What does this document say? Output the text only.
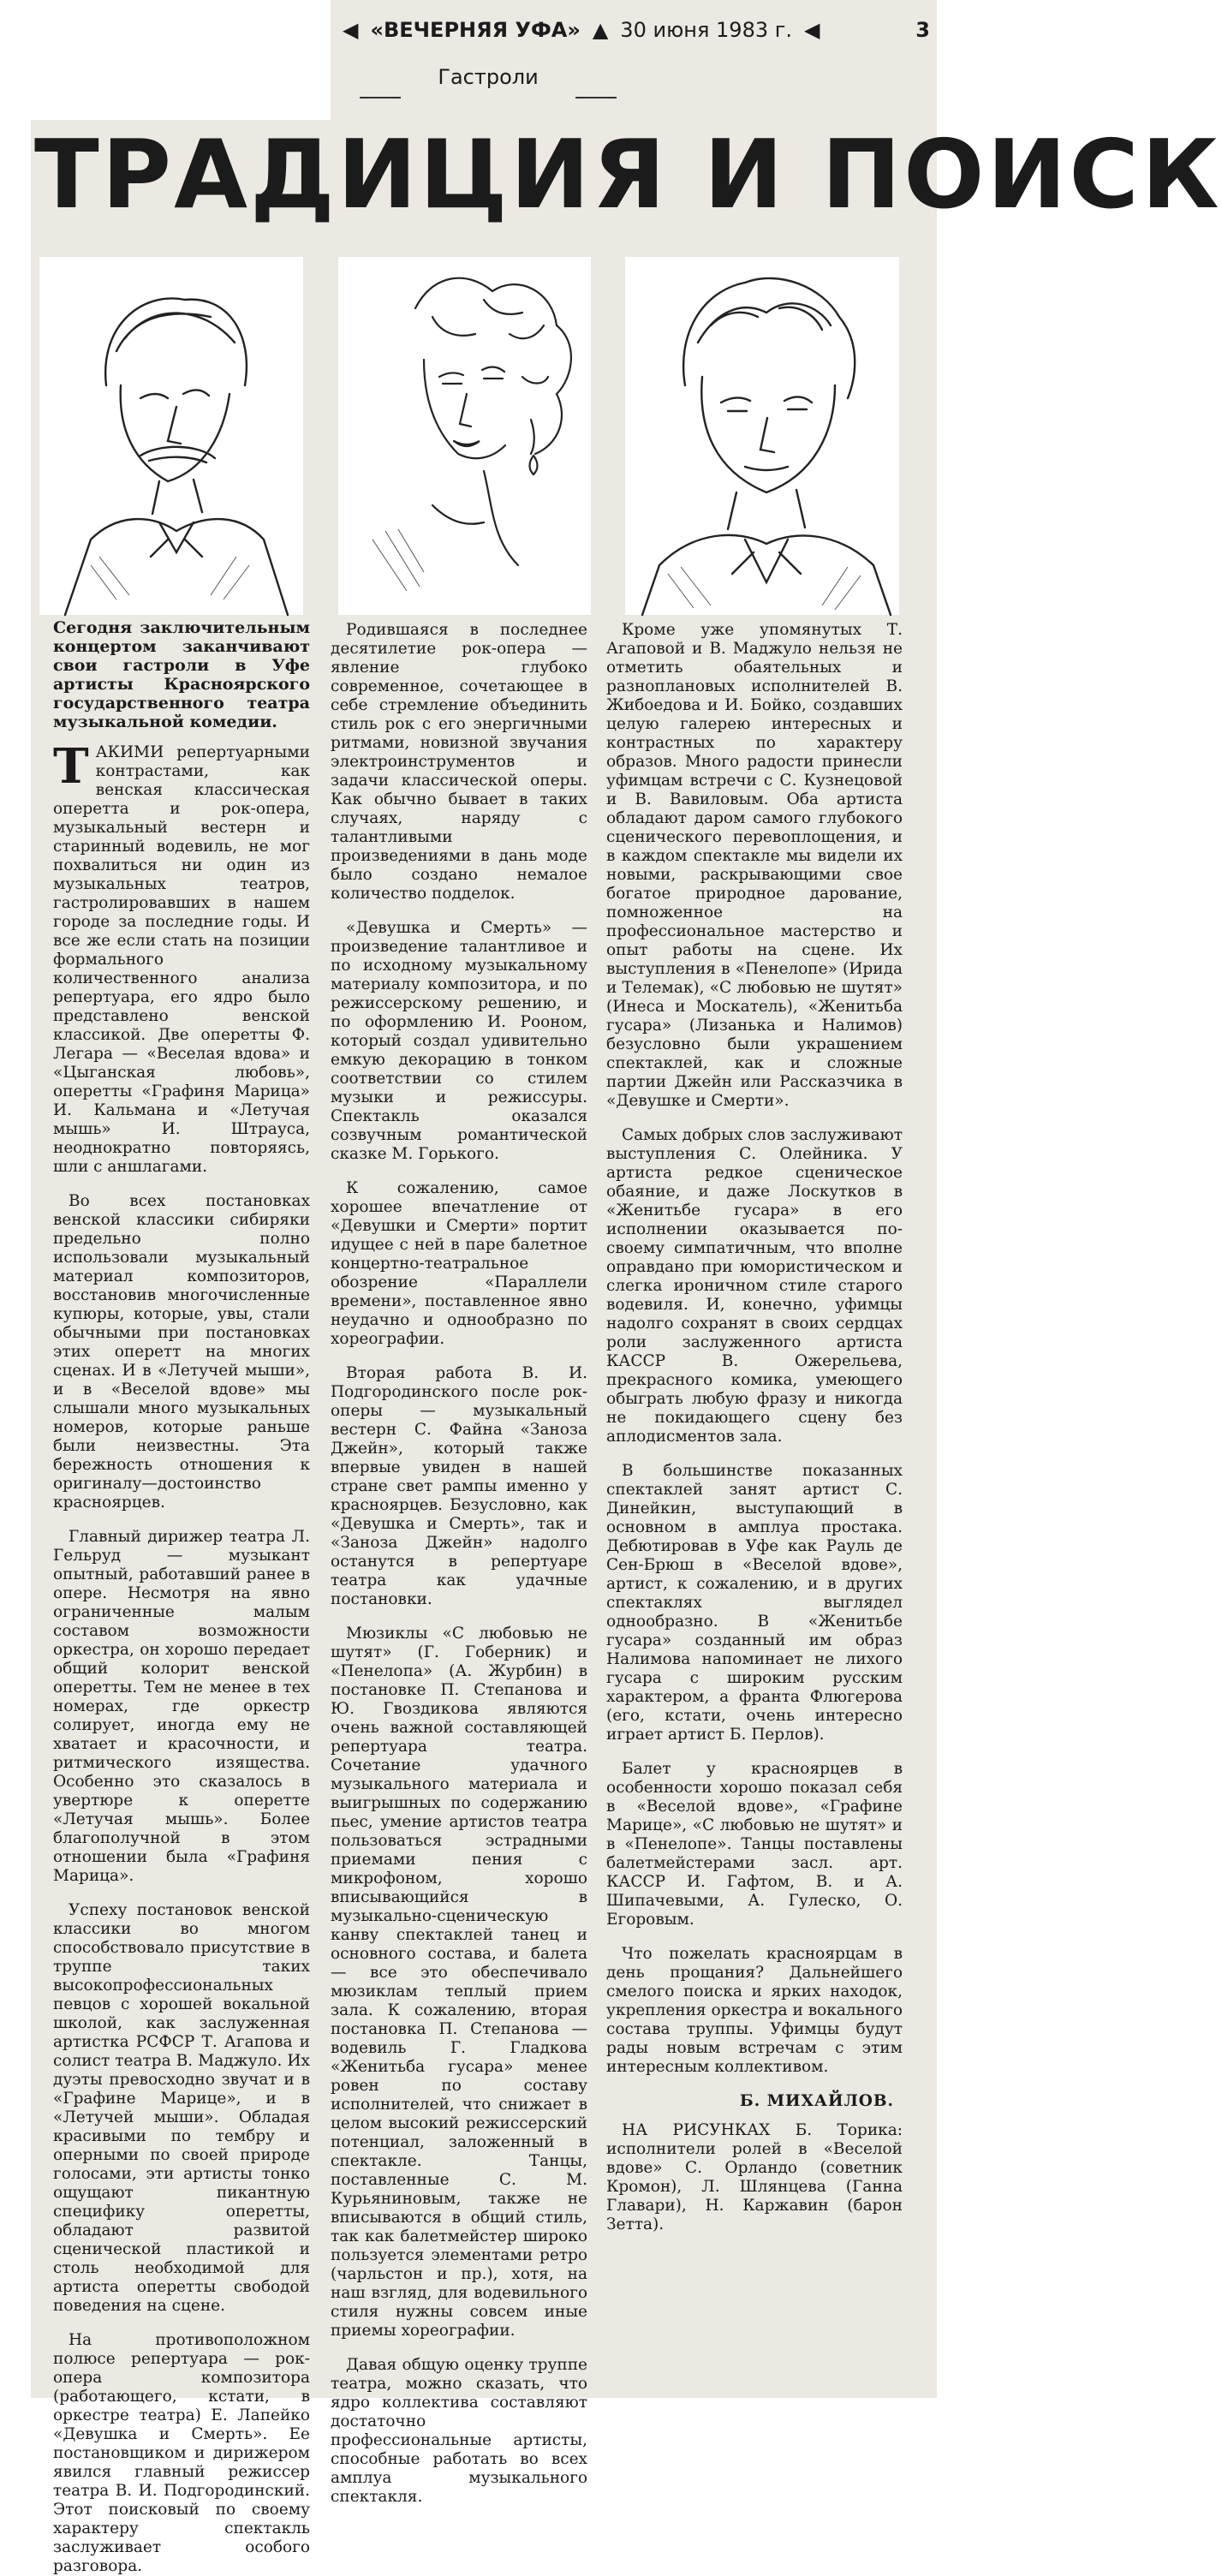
◀ «ВЕЧЕРНЯЯ УФА» ▲ 30 июня 1983 г. ◀	3
Гастроли
ТРАДИЦИЯ И ПОИСК

Сегодня заключительным концертом заканчивают свои гастроли в Уфе артисты Красноярского государственного театра музыкальной комедии.

ТАКИМИ репертуарными контрастами, как венская классическая оперетта и рок-опера, музыкальный вестерн и старинный водевиль, не мог похвалиться ни один из музыкальных театров, гастролировавших в нашем городе за последние годы. И все же если стать на позиции формального количественного анализа репертуара, его ядро было представлено венской классикой. Две оперетты Ф. Легара — «Веселая вдова» и «Цыганская любовь», оперетты «Графиня Марица» И. Кальмана и «Летучая мышь» И. Штрауса, неоднократно повторяясь, шли с аншлагами.

Во всех постановках венской классики сибиряки предельно полно использовали музыкальный материал композиторов, восстановив многочисленные купюры, которые, увы, стали обычными при постановках этих оперетт на многих сценах. И в «Летучей мыши», и в «Веселой вдове» мы слышали много музыкальных номеров, которые раньше были неизвестны. Эта бережность отношения к оригиналу—достоинство красноярцев.

Главный дирижер театра Л. Гельруд — музыкант опытный, работавший ранее в опере. Несмотря на явно ограниченные малым составом возможности оркестра, он хорошо передает общий колорит венской оперетты. Тем не менее в тех номерах, где оркестр солирует, иногда ему не хватает и красочности, и ритмического изящества. Особенно это сказалось в увертюре к оперетте «Летучая мышь». Более благополучной в этом отношении была «Графиня Марица».

Успеху постановок венской классики во многом способствовало присутствие в труппе таких высокопрофессиональных певцов с хорошей вокальной школой, как заслуженная артистка РСФСР Т. Агапова и солист театра В. Маджуло. Их дуэты превосходно звучат и в «Графине Марице», и в «Летучей мыши». Обладая красивыми по тембру и оперными по своей природе голосами, эти артисты тонко ощущают пикантную специфику оперетты, обладают развитой сценической пластикой и столь необходимой для артиста оперетты свободой поведения на сцене.

На противоположном полюсе репертуара — рок-опера композитора (работающего, кстати, в оркестре театра) Е. Лапейко «Девушка и Смерть». Ее постановщиком и дирижером явился главный режиссер театра В. И. Подгородинский. Этот поисковый по своему характеру спектакль заслуживает особого разговора.

Родившаяся в последнее десятилетие рок-опера — явление глубоко современное, сочетающее в себе стремление объединить стиль рок с его энергичными ритмами, новизной звучания электроинструментов и задачи классической оперы. Как обычно бывает в таких случаях, наряду с талантливыми произведениями в дань моде было создано немалое количество подделок.

«Девушка и Смерть» — произведение талантливое и по исходному музыкальному материалу композитора, и по режиссерскому решению, и по оформлению И. Рооном, который создал удивительно емкую декорацию в тонком соответствии со стилем музыки и режиссуры. Спектакль оказался созвучным романтической сказке М. Горького.

К сожалению, самое хорошее впечатление от «Девушки и Смерти» портит идущее с ней в паре балетное концертно-театральное обозрение «Параллели времени», поставленное явно неудачно и однообразно по хореографии.

Вторая работа В. И. Подгородинского после рок-оперы — музыкальный вестерн С. Файна «Заноза Джейн», который также впервые увиден в нашей стране свет рампы именно у красноярцев. Безусловно, как «Девушка и Смерть», так и «Заноза Джейн» надолго останутся в репертуаре театра как удачные постановки.

Мюзиклы «С любовью не шутят» (Г. Гоберник) и «Пенелопа» (А. Журбин) в постановке П. Степанова и Ю. Гвоздикова являются очень важной составляющей репертуара театра. Сочетание удачного музыкального материала и выигрышных по содержанию пьес, умение артистов театра пользоваться эстрадными приемами пения с микрофоном, хорошо вписывающийся в музыкально-сценическую канву спектаклей танец и основного состава, и балета — все это обеспечивало мюзиклам теплый прием зала. К сожалению, вторая постановка П. Степанова — водевиль Г. Гладкова «Женитьба гусара» менее ровен по составу исполнителей, что снижает в целом высокий режиссерский потенциал, заложенный в спектакле. Танцы, поставленные С. М. Курьяниновым, также не вписываются в общий стиль, так как балетмейстер широко пользуется элементами ретро (чарльстон и пр.), хотя, на наш взгляд, для водевильного стиля нужны совсем иные приемы хореографии.

Давая общую оценку труппе театра, можно сказать, что ядро коллектива составляют достаточно профессиональные артисты, способные работать во всех амплуа музыкального спектакля.

Кроме уже упомянутых Т. Агаповой и В. Маджуло нельзя не отметить обаятельных и разноплановых исполнителей В. Жибоедова и И. Бойко, создавших целую галерею интересных и контрастных по характеру образов. Много радости принесли уфимцам встречи с С. Кузнецовой и В. Вавиловым. Оба артиста обладают даром самого глубокого сценического перевоплощения, и в каждом спектакле мы видели их новыми, раскрывающими свое богатое природное дарование, помноженное на профессиональное мастерство и опыт работы на сцене. Их выступления в «Пенелопе» (Ирида и Телемак), «С любовью не шутят» (Инеса и Москатель), «Женитьба гусара» (Лизанька и Налимов) безусловно были украшением спектаклей, как и сложные партии Джейн или Рассказчика в «Девушке и Смерти».

Самых добрых слов заслуживают выступления С. Олейника. У артиста редкое сценическое обаяние, и даже Лоскутков в «Женитьбе гусара» в его исполнении оказывается по-своему симпатичным, что вполне оправдано при юмористическом и слегка ироничном стиле старого водевиля. И, конечно, уфимцы надолго сохранят в своих сердцах роли заслуженного артиста КАССР В. Ожерельева, прекрасного комика, умеющего обыграть любую фразу и никогда не покидающего сцену без аплодисментов зала.

В большинстве показанных спектаклей занят артист С. Динейкин, выступающий в основном в амплуа простака. Дебютировав в Уфе как Рауль де Сен-Брюш в «Веселой вдове», артист, к сожалению, и в других спектаклях выглядел однообразно. В «Женитьбе гусара» созданный им образ Налимова напоминает не лихого гусара с широким русским характером, а франта Флюгерова (его, кстати, очень интересно играет артист Б. Перлов).

Балет у красноярцев в особенности хорошо показал себя в «Веселой вдове», «Графине Марице», «С любовью не шутят» и в «Пенелопе». Танцы поставлены балетмейстерами засл. арт. КАССР И. Гафтом, В. и А. Шипачевыми, А. Гулеско, О. Егоровым.

Что пожелать красноярцам в день прощания? Дальнейшего смелого поиска и ярких находок, укрепления оркестра и вокального состава труппы. Уфимцы будут рады новым встречам с этим интересным коллективом.

Б. МИХАЙЛОВ.

НА РИСУНКАХ Б. Торика: исполнители ролей в «Веселой вдове» С. Орландо (советник Кромон), Л. Шлянцева (Ганна Главари), Н. Каржавин (барон Зетта).
